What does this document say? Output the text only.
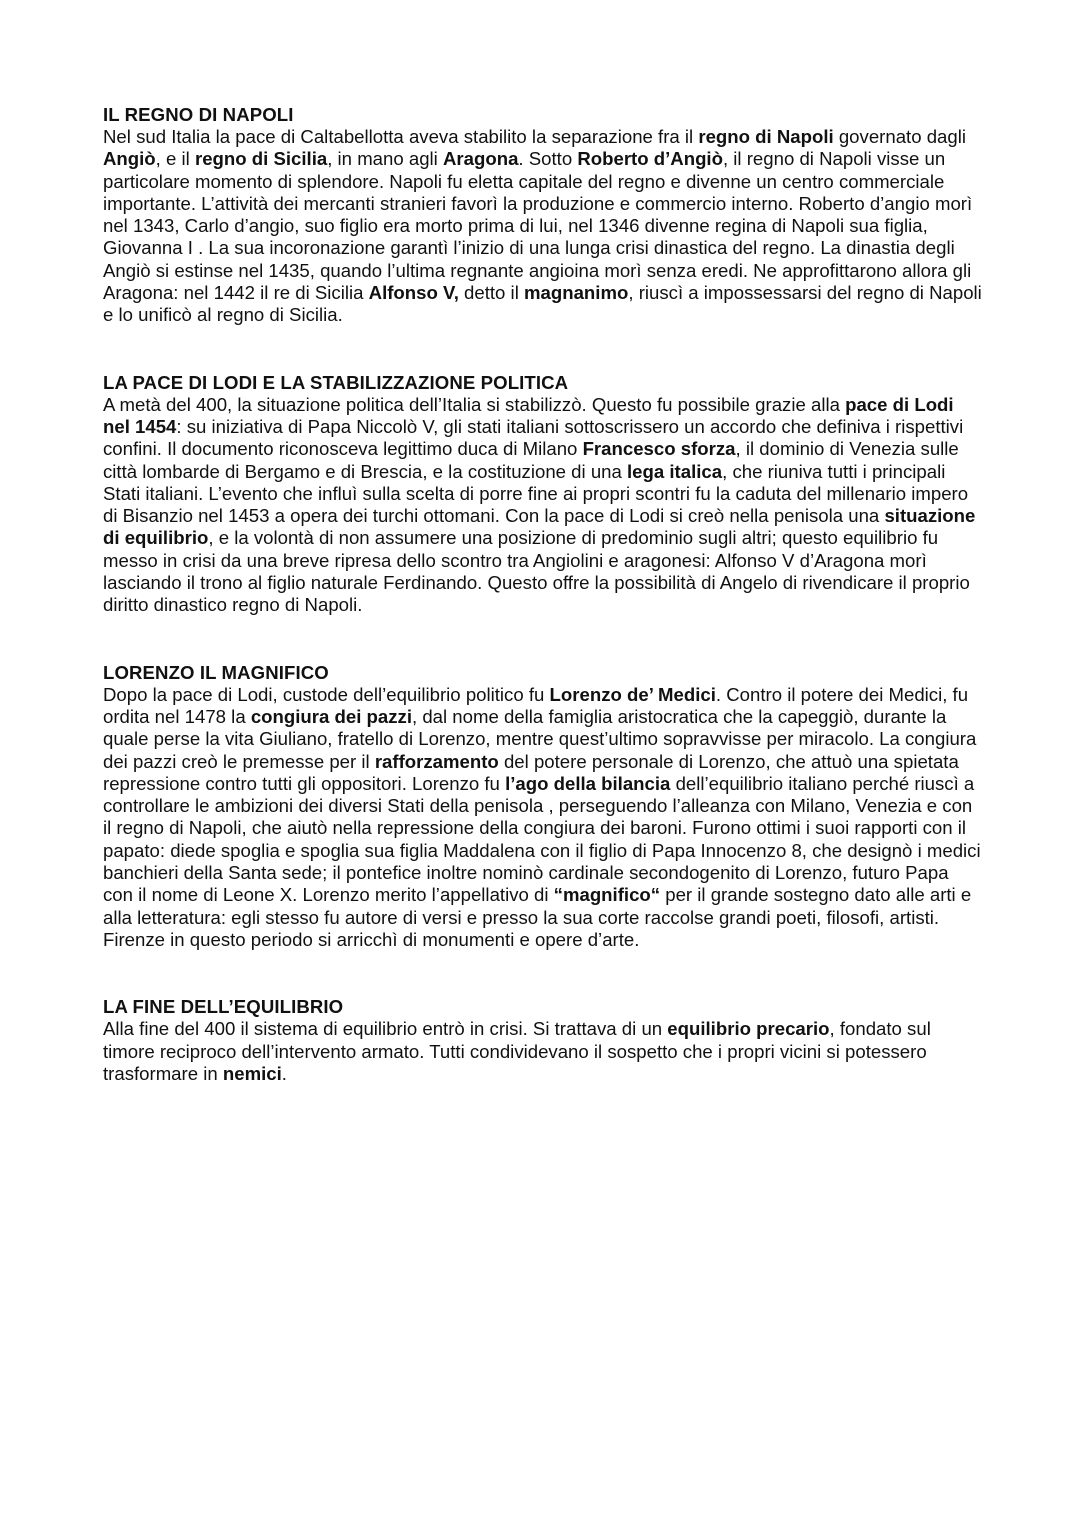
IL REGNO DI NAPOLI

Nel sud Italia la pace di Caltabellotta aveva stabilito la separazione fra il regno di Napoli governato dagli Angiò, e il regno di Sicilia, in mano agli Aragona. Sotto Roberto d’Angiò, il regno di Napoli visse un particolare momento di splendore. Napoli fu eletta capitale del regno e divenne un centro commerciale importante. L’attività dei mercanti stranieri favorì la produzione e commercio interno. Roberto d’angio morì nel 1343, Carlo d’angio, suo figlio era morto prima di lui, nel 1346 divenne regina di Napoli sua figlia, Giovanna I . La sua incoronazione garantì l’inizio di una lunga crisi dinastica del regno. La dinastia degli Angiò si estinse nel 1435, quando l’ultima regnante angioina morì senza eredi. Ne approfittarono allora gli Aragona: nel 1442 il re di Sicilia Alfonso V, detto il magnanimo, riuscì a impossessarsi del regno di Napoli e lo unificò al regno di Sicilia.

LA PACE DI LODI E LA STABILIZZAZIONE POLITICA

A metà del 400, la situazione politica dell’Italia si stabilizzò. Questo fu possibile grazie alla pace di Lodi nel 1454: su iniziativa di Papa Niccolò V, gli stati italiani sottoscrissero un accordo che definiva i rispettivi confini. Il documento riconosceva legittimo duca di Milano Francesco sforza, il dominio di Venezia sulle città lombarde di Bergamo e di Brescia, e la costituzione di una lega italica, che riuniva tutti i principali Stati italiani. L’evento che influì sulla scelta di porre fine ai propri scontri fu la caduta del millenario impero di Bisanzio nel 1453 a opera dei turchi ottomani. Con la pace di Lodi si creò nella penisola una situazione di equilibrio, e la volontà di non assumere una posizione di predominio sugli altri; questo equilibrio fu messo in crisi da una breve ripresa dello scontro tra Angiolini e aragonesi: Alfonso V d’Aragona morì lasciando il trono al figlio naturale Ferdinando. Questo offre la possibilità di Angelo di rivendicare il proprio diritto dinastico regno di Napoli.

LORENZO IL MAGNIFICO

Dopo la pace di Lodi, custode dell’equilibrio politico fu Lorenzo de’ Medici. Contro il potere dei Medici, fu ordita nel 1478 la congiura dei pazzi, dal nome della famiglia aristocratica che la capeggiò, durante la quale perse la vita Giuliano, fratello di Lorenzo, mentre quest’ultimo sopravvisse per miracolo. La congiura dei pazzi creò le premesse per il rafforzamento del potere personale di Lorenzo, che attuò una spietata repressione contro tutti gli oppositori. Lorenzo fu l’ago della bilancia dell’equilibrio italiano perché riuscì a controllare le ambizioni dei diversi Stati della penisola , perseguendo l’alleanza con Milano, Venezia e con il regno di Napoli, che aiutò nella repressione della congiura dei baroni. Furono ottimi i suoi rapporti con il papato: diede spoglia e spoglia sua figlia Maddalena con il figlio di Papa Innocenzo 8, che designò i medici banchieri della Santa sede; il pontefice inoltre nominò cardinale secondogenito di Lorenzo, futuro Papa con il nome di Leone X. Lorenzo merito l’appellativo di “magnifico“ per il grande sostegno dato alle arti e alla letteratura: egli stesso fu autore di versi e presso la sua corte raccolse grandi poeti, filosofi, artisti. Firenze in questo periodo si arricchì di monumenti e opere d’arte.

LA FINE DELL’EQUILIBRIO

Alla fine del 400 il sistema di equilibrio entrò in crisi. Si trattava di un equilibrio precario, fondato sul timore reciproco dell’intervento armato. Tutti condividevano il sospetto che i propri vicini si potessero trasformare in nemici.
